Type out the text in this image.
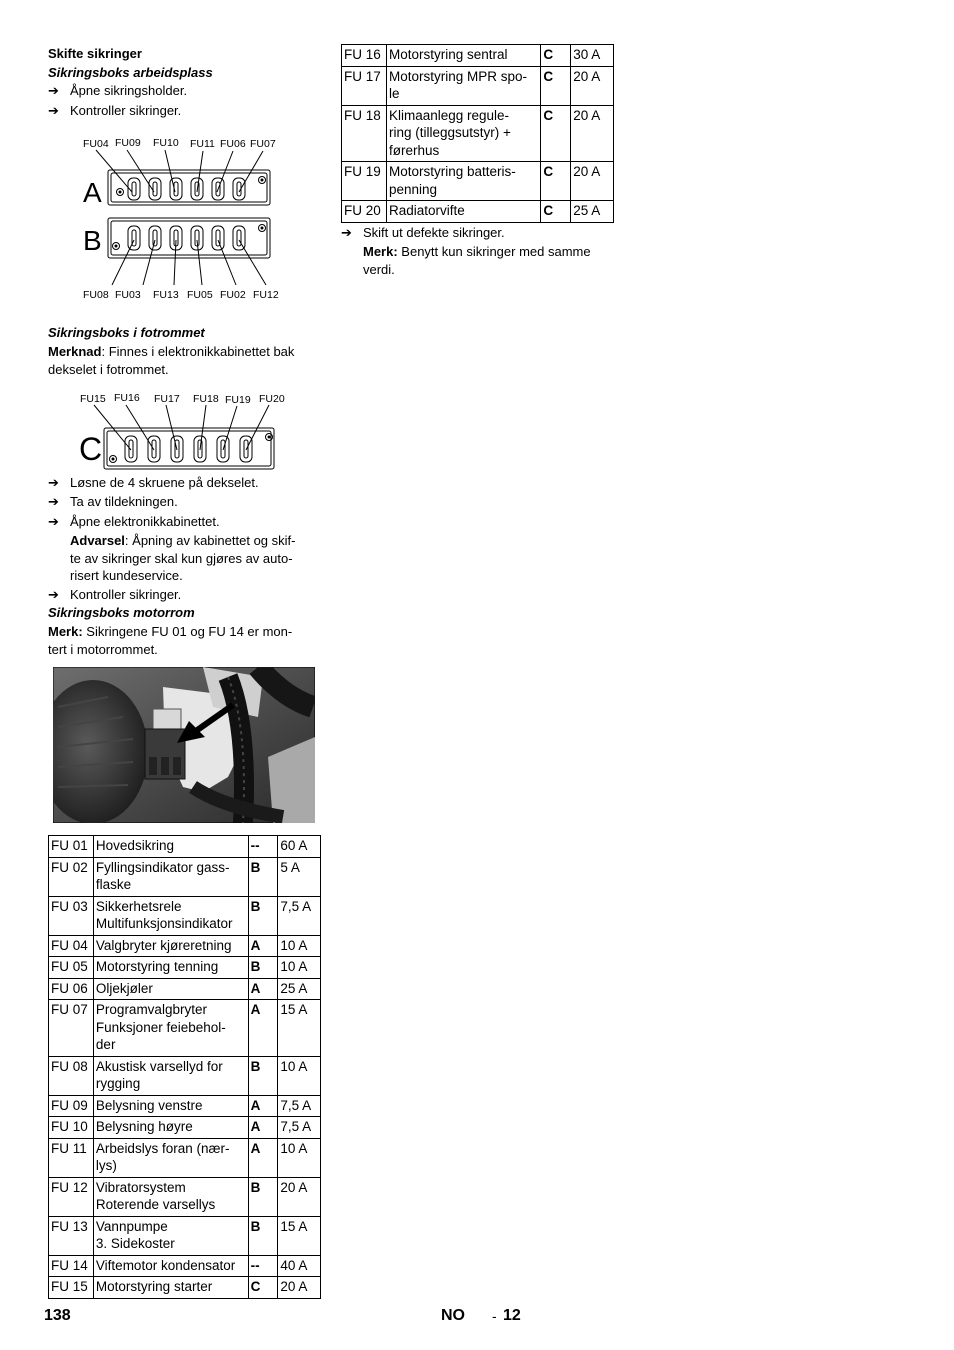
Skifte sikringer
Sikringsboks arbeidsplass
➔ Åpne sikringsholder.
➔ Kontroller sikringer.
FU04 FU09 FU10 FU11 FU06 FU07
FU08 FU03 FU13 FU05 FU02 FU12
A
B
Sikringsboks i fotrommet
Merknad: Finnes i elektronikkabinettet bak dekselet i fotrommet.
FU15 FU16 FU17 FU18 FU19 FU20
C
➔ Løsne de 4 skruene på dekselet.
➔ Ta av tildekningen.
➔ Åpne elektronikkabinettet.
Advarsel: Åpning av kabinettet og skif-
te av sikringer skal kun gjøres av auto-
risert kundeservice.
➔ Kontroller sikringer.
Sikringsboks motorrom
Merk: Sikringene FU 01 og FU 14 er mon-
tert i motorrommet.
FU 01	Hovedsikring	--	60 A
FU 02	Fyllingsindikator gass-
flaske	B	5 A
FU 03	Sikkerhetsrele
Multifunksjonsindikator	B	7,5 A
FU 04	Valgbryter kjøreretning	A	10 A
FU 05	Motorstyring tenning	B	10 A
FU 06	Oljekjøler	A	25 A
FU 07	Programvalgbryter
Funksjoner feiebehol-
der	A	15 A
FU 08	Akustisk varsellyd for
rygging	B	10 A
FU 09	Belysning venstre	A	7,5 A
FU 10	Belysning høyre	A	7,5 A
FU 11	Arbeidslys foran (nær-
lys)	A	10 A
FU 12	Vibratorsystem
Roterende varsellys	B	20 A
FU 13	Vannpumpe
3. Sidekoster	B	15 A
FU 14	Viftemotor kondensator	--	40 A
FU 15	Motorstyring starter	C	20 A
FU 16	Motorstyring sentral	C	30 A
FU 17	Motorstyring MPR spo-
le	C	20 A
FU 18	Klimaanlegg regule-
ring (tilleggsutstyr) +
førerhus	C	20 A
FU 19	Motorstyring batteris-
penning	C	20 A
FU 20	Radiatorvifte	C	25 A
➔ Skift ut defekte sikringer.
Merk: Benytt kun sikringer med samme
verdi.
138	NO - 12
